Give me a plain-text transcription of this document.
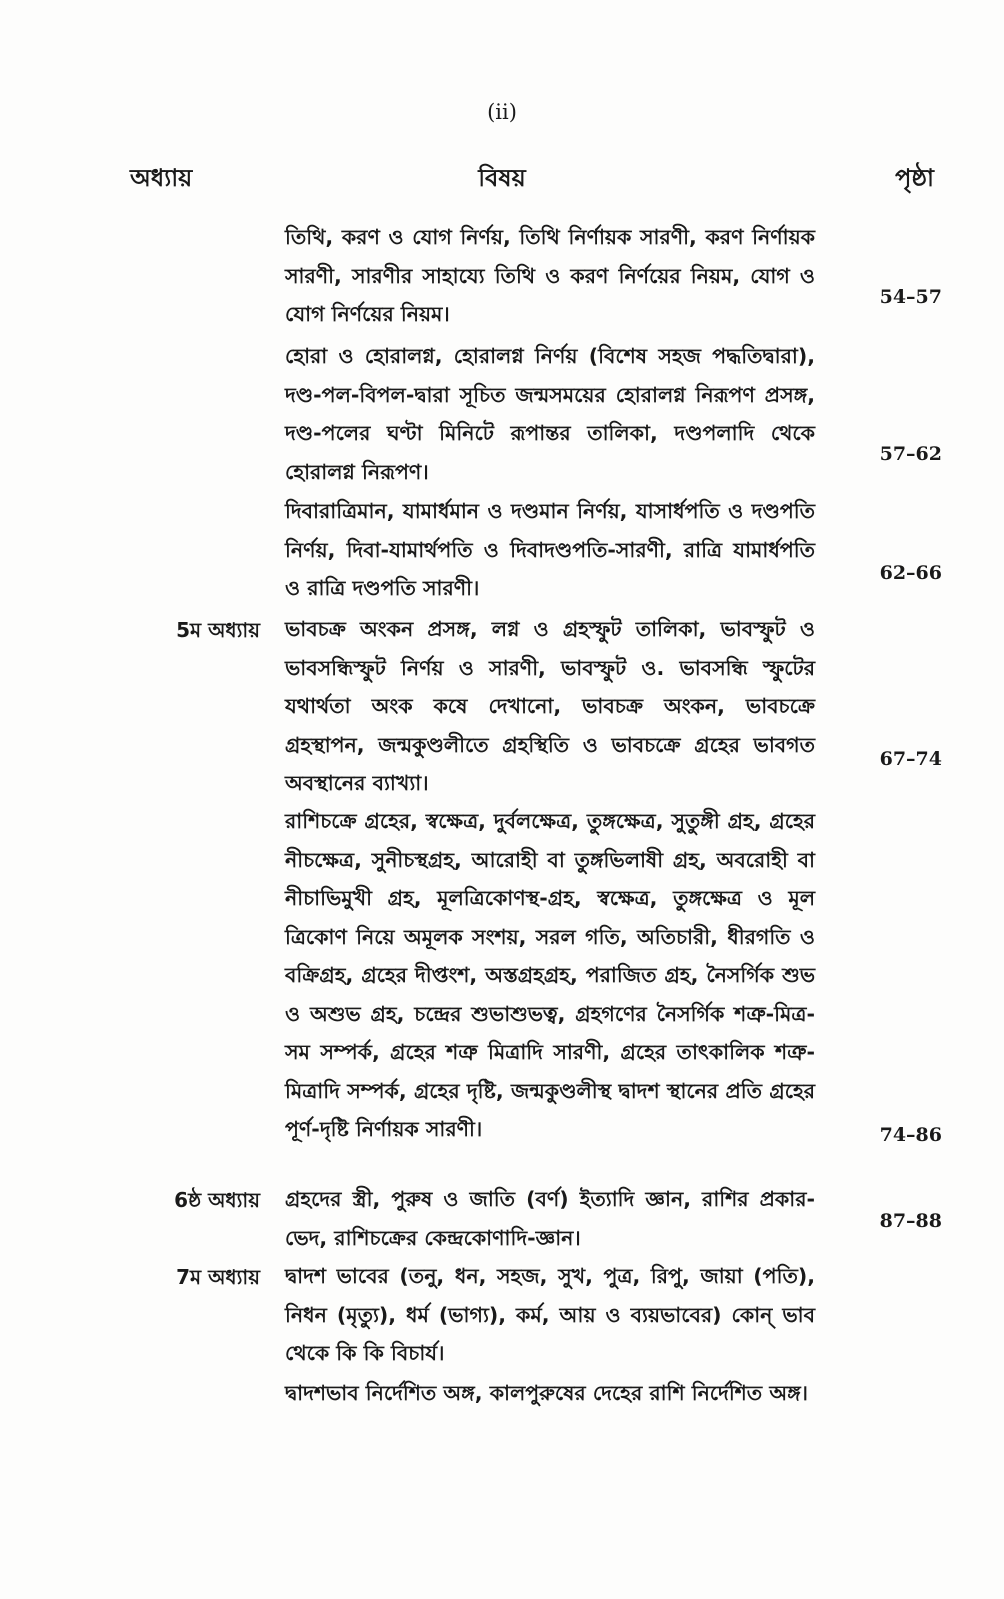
(ii)
অধ্যায়	বিষয়	পৃষ্ঠা
তিথি, করণ ও যোগ নির্ণয়, তিথি নির্ণায়ক সারণী, করণ নির্ণায়ক সারণী, সারণীর সাহায্যে তিথি ও করণ নির্ণয়ের নিয়ম, যোগ ও যোগ নির্ণয়ের নিয়ম।
54–57
হোরা ও হোরালগ্ন, হোরালগ্ন নির্ণয় (বিশেষ সহজ পদ্ধতিদ্বারা), দণ্ড-পল-বিপল-দ্বারা সূচিত জন্মসময়ের হোরালগ্ন নিরূপণ প্রসঙ্গ, দণ্ড-পলের ঘণ্টা মিনিটে রূপান্তর তালিকা, দণ্ডপলাদি থেকে হোরালগ্ন নিরূপণ।
57–62
দিবারাত্রিমান, যামার্ধমান ও দণ্ডমান নির্ণয়, যাসার্ধপতি ও দণ্ডপতি নির্ণয়, দিবা-যামার্থপতি ও দিবাদণ্ডপতি-সারণী, রাত্রি যামার্ধপতি ও রাত্রি দণ্ডপতি সারণী।
62–66
5ম অধ্যায় ভাবচক্র অংকন প্রসঙ্গ, লগ্ন ও গ্রহস্ফুট তালিকা, ভাবস্ফুট ও ভাবসন্ধিস্ফুট নির্ণয় ও সারণী, ভাবস্ফুট ও. ভাবসন্ধি স্ফুটের যথার্থতা অংক কষে দেখানো, ভাবচক্র অংকন, ভাবচক্রে গ্রহস্থাপন, জন্মকুণ্ডলীতে গ্রহস্থিতি ও ভাবচক্রে গ্রহের ভাবগত অবস্থানের ব্যাখ্যা।
67–74
রাশিচক্রে গ্রহের, স্বক্ষেত্র, দুর্বলক্ষেত্র, তুঙ্গক্ষেত্র, সুতুঙ্গী গ্রহ, গ্রহের নীচক্ষেত্র, সুনীচস্থগ্রহ, আরোহী বা তুঙ্গভিলাষী গ্রহ, অবরোহী বা নীচাভিমুখী গ্রহ, মূলত্রিকোণস্থ-গ্রহ, স্বক্ষেত্র, তুঙ্গক্ষেত্র ও মূল ত্রিকোণ নিয়ে অমূলক সংশয়, সরল গতি, অতিচারী, ধীরগতি ও বক্রিগ্রহ, গ্রহের দীপ্তংশ, অস্তগ্রহগ্রহ, পরাজিত গ্রহ, নৈসর্গিক শুভ ও অশুভ গ্রহ, চন্দ্রের শুভাশুভত্ব, গ্রহগণের নৈসর্গিক শত্রু-মিত্র-সম সম্পর্ক, গ্রহের শত্রু মিত্রাদি সারণী, গ্রহের তাৎকালিক শত্রু-মিত্রাদি সম্পর্ক, গ্রহের দৃষ্টি, জন্মকুণ্ডলীস্থ দ্বাদশ স্থানের প্রতি গ্রহের পূর্ণ-দৃষ্টি নির্ণায়ক সারণী।	74–86
6ষ্ঠ অধ্যায় গ্রহদের স্ত্রী, পুরুষ ও জাতি (বর্ণ) ইত্যাদি জ্ঞান, রাশির প্রকার-ভেদ, রাশিচক্রের কেন্দ্রকোণাদি-জ্ঞান।
87–88
7ম অধ্যায় দ্বাদশ ভাবের (তনু, ধন, সহজ, সুখ, পুত্র, রিপু, জায়া (পতি), নিধন (মৃত্যু), ধর্ম (ভাগ্য), কর্ম, আয় ও ব্যয়ভাবের) কোন্ ভাব থেকে কি কি বিচার্য।
দ্বাদশভাব নির্দেশিত অঙ্গ, কালপুরুষের দেহের রাশি নির্দেশিত অঙ্গ।
